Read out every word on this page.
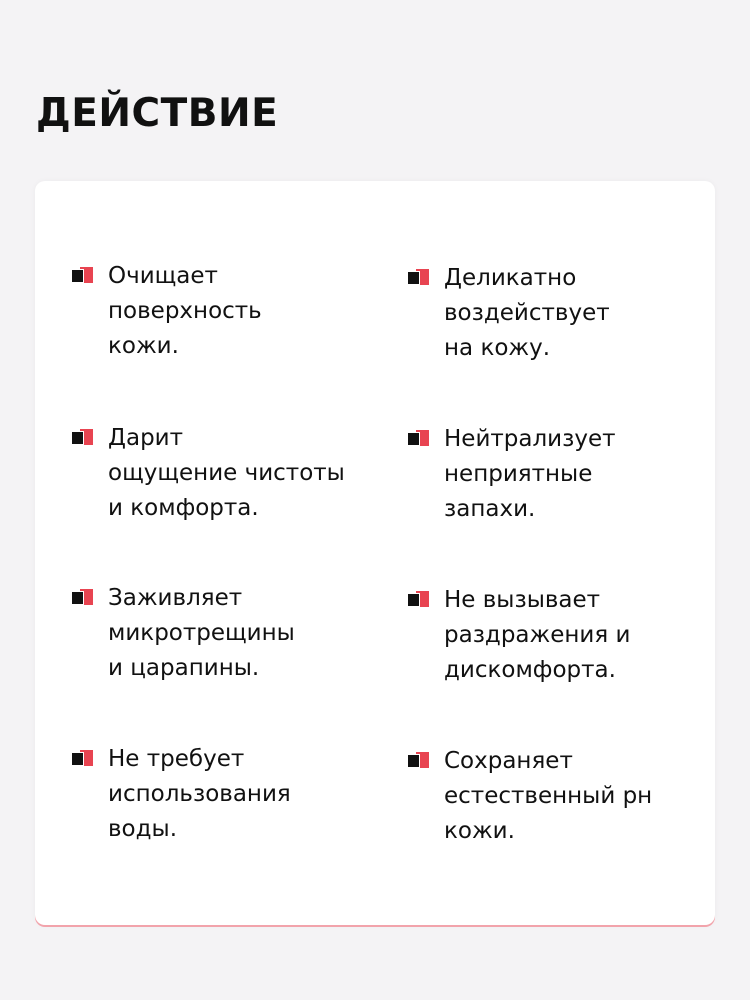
ДЕЙСТВИЕ
Очищает
поверхность
кожи.
Деликатно
воздействует
на кожу.
Дарит
ощущение чистоты
и комфорта.
Нейтрализует
неприятные
запахи.
Заживляет
микротрещины
и царапины.
Не вызывает
раздражения и
дискомфорта.
Не требует
использования
воды.
Сохраняет
естественный рн
кожи.
